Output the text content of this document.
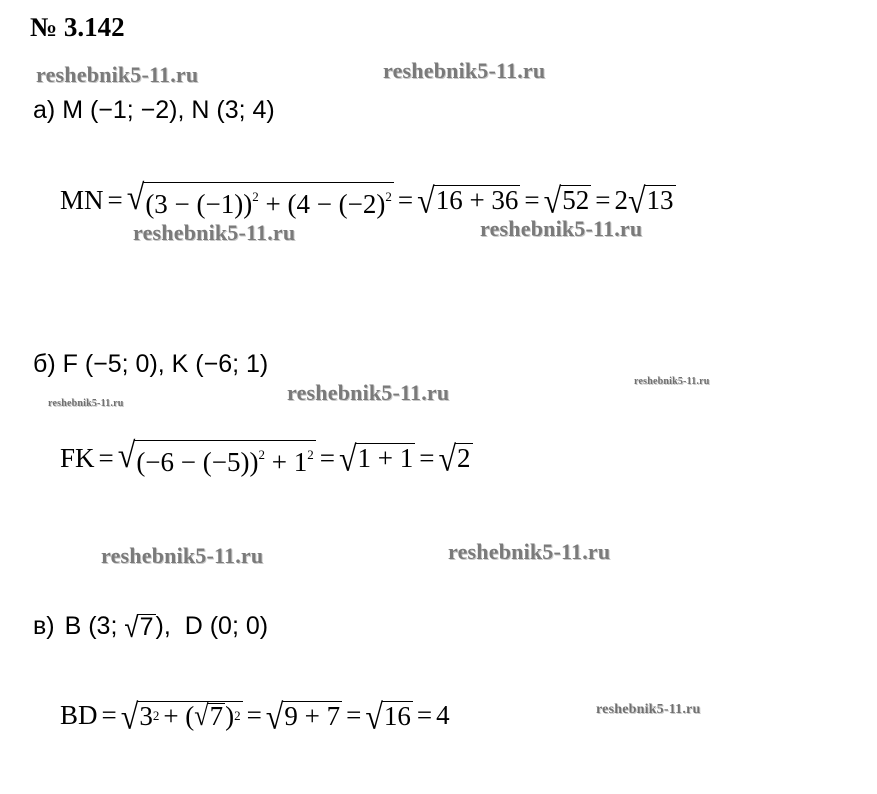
№ 3.142
reshebnik5-11.ru	reshebnik5-11.ru
reshebnik5-11.ru	reshebnik5-11.ru
reshebnik5-11.ru
reshebnik5-11.ru	reshebnik5-11.ru
reshebnik5-11.ru	reshebnik5-11.ru
reshebnik5-11.ru
а) M (−1; −2), N (3; 4)
MN = √ $(3 - (-1))^2 + (4 - (-2)^2$ = √ 16 + 36 = √ 52 = 2 √ 13
б) F (−5; 0), K (−6; 1)
FK = √ $(-6 - (-5))^2 + 1^2$ = √ 1 + 1 = √ 2
в) B (3; √ 7 ),  D (0; 0)
BD = √ 3 2 + ( √ 7 ) 2 = √ 9 + 7 = √ 16 = 4
